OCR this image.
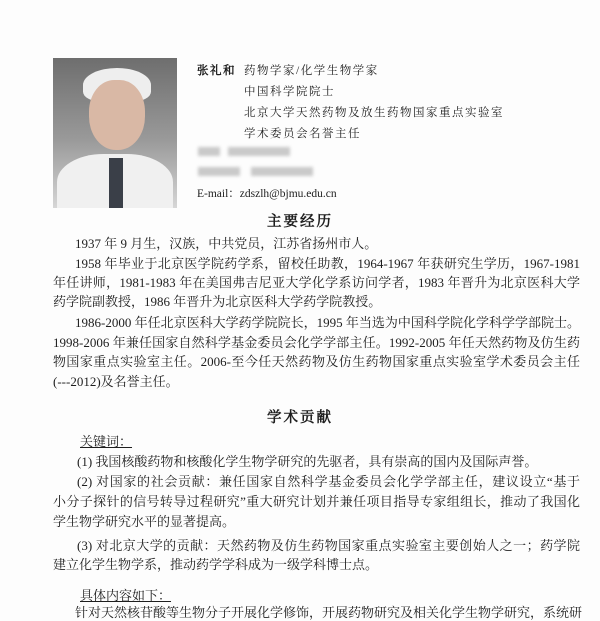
张礼和 药物学家/化学生物学家
中国科学院院士
北京大学天然药物及放生药物国家重点实验室
学术委员会名誉主任
E-mail：zdszlh@bjmu.edu.cn
主要经历
1937 年 9 月生，汉族，中共党员，江苏省扬州市人。
1958 年毕业于北京医学院药学系，留校任助教，1964-1967 年获研究生学历，1967-1981
年任讲师，1981-1983 年在美国弗吉尼亚大学化学系访问学者，1983 年晋升为北京医科大学
药学院副教授，1986 年晋升为北京医科大学药学院教授。
1986-2000 年任北京医科大学药学院院长，1995 年当选为中国科学院化学科学学部院士。
1998-2006 年兼任国家自然科学基金委员会化学学部主任。1992-2005 年任天然药物及仿生药
物国家重点实验室主任。2006-至今任天然药物及仿生药物国家重点实验室学术委员会主任
(---2012)及名誉主任。
学术贡献
关键词：
(1) 我国核酸药物和核酸化学生物学研究的先驱者，具有崇高的国内及国际声誉。
(2) 对国家的社会贡献：兼任国家自然科学基金委员会化学学部主任，建议设立“基于
小分子探针的信号转导过程研究”重大研究计划并兼任项目指导专家组组长，推动了我国化
学生物学研究水平的显著提高。
(3) 对北京大学的贡献：天然药物及仿生药物国家重点实验室主要创始人之一；药学院
建立化学生物学系，推动药学学科成为一级学科博士点。
具体内容如下：
针对天然核苷酸等生物分子开展化学修饰，开展药物研究及相关化学生物学研究，系统研
